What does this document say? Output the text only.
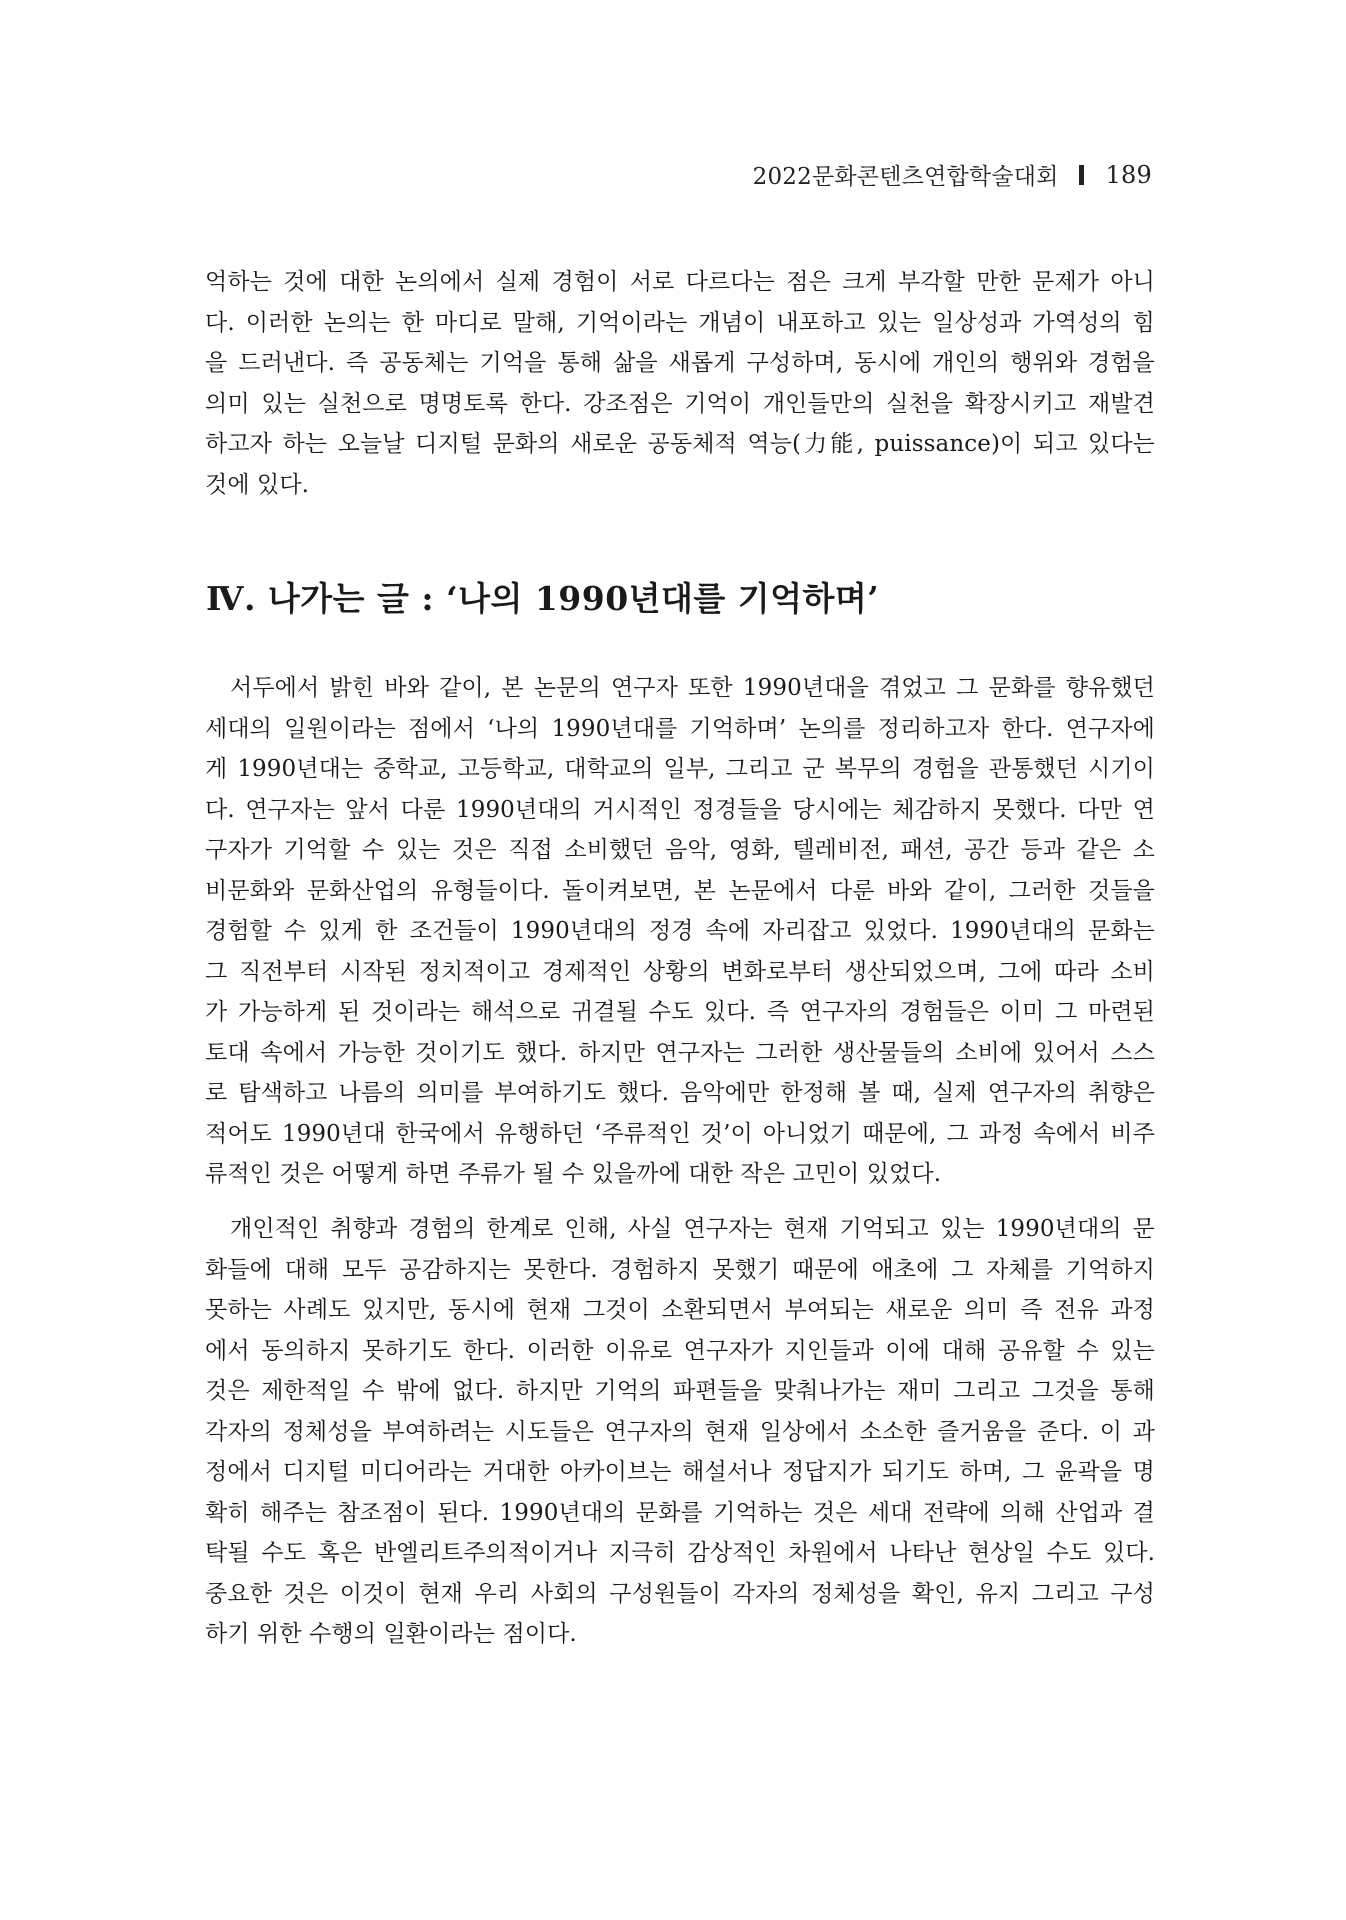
2022문화콘텐츠연합학술대회 189
억하는 것에 대한 논의에서 실제 경험이 서로 다르다는 점은 크게 부각할 만한 문제가 아니
다. 이러한 논의는 한 마디로 말해, 기억이라는 개념이 내포하고 있는 일상성과 가역성의 힘
을 드러낸다. 즉 공동체는 기억을 통해 삶을 새롭게 구성하며, 동시에 개인의 행위와 경험을
의미 있는 실천으로 명명토록 한다. 강조점은 기억이 개인들만의 실천을 확장시키고 재발견
하고자 하는 오늘날 디지털 문화의 새로운 공동체적 역능(力能, puissance)이 되고 있다는
것에 있다.
Ⅳ. 나가는 글 : ‘나의 1990년대를 기억하며’
서두에서 밝힌 바와 같이, 본 논문의 연구자 또한 1990년대을 겪었고 그 문화를 향유했던
세대의 일원이라는 점에서 ‘나의 1990년대를 기억하며’ 논의를 정리하고자 한다. 연구자에
게 1990년대는 중학교, 고등학교, 대학교의 일부, 그리고 군 복무의 경험을 관통했던 시기이
다. 연구자는 앞서 다룬 1990년대의 거시적인 정경들을 당시에는 체감하지 못했다. 다만 연
구자가 기억할 수 있는 것은 직접 소비했던 음악, 영화, 텔레비전, 패션, 공간 등과 같은 소
비문화와 문화산업의 유형들이다. 돌이켜보면, 본 논문에서 다룬 바와 같이, 그러한 것들을
경험할 수 있게 한 조건들이 1990년대의 정경 속에 자리잡고 있었다. 1990년대의 문화는
그 직전부터 시작된 정치적이고 경제적인 상황의 변화로부터 생산되었으며, 그에 따라 소비
가 가능하게 된 것이라는 해석으로 귀결될 수도 있다. 즉 연구자의 경험들은 이미 그 마련된
토대 속에서 가능한 것이기도 했다. 하지만 연구자는 그러한 생산물들의 소비에 있어서 스스
로 탐색하고 나름의 의미를 부여하기도 했다. 음악에만 한정해 볼 때, 실제 연구자의 취향은
적어도 1990년대 한국에서 유행하던 ‘주류적인 것’이 아니었기 때문에, 그 과정 속에서 비주
류적인 것은 어떻게 하면 주류가 될 수 있을까에 대한 작은 고민이 있었다.
개인적인 취향과 경험의 한계로 인해, 사실 연구자는 현재 기억되고 있는 1990년대의 문
화들에 대해 모두 공감하지는 못한다. 경험하지 못했기 때문에 애초에 그 자체를 기억하지
못하는 사례도 있지만, 동시에 현재 그것이 소환되면서 부여되는 새로운 의미 즉 전유 과정
에서 동의하지 못하기도 한다. 이러한 이유로 연구자가 지인들과 이에 대해 공유할 수 있는
것은 제한적일 수 밖에 없다. 하지만 기억의 파편들을 맞춰나가는 재미 그리고 그것을 통해
각자의 정체성을 부여하려는 시도들은 연구자의 현재 일상에서 소소한 즐거움을 준다. 이 과
정에서 디지털 미디어라는 거대한 아카이브는 해설서나 정답지가 되기도 하며, 그 윤곽을 명
확히 해주는 참조점이 된다. 1990년대의 문화를 기억하는 것은 세대 전략에 의해 산업과 결
탁될 수도 혹은 반엘리트주의적이거나 지극히 감상적인 차원에서 나타난 현상일 수도 있다.
중요한 것은 이것이 현재 우리 사회의 구성원들이 각자의 정체성을 확인, 유지 그리고 구성
하기 위한 수행의 일환이라는 점이다.
